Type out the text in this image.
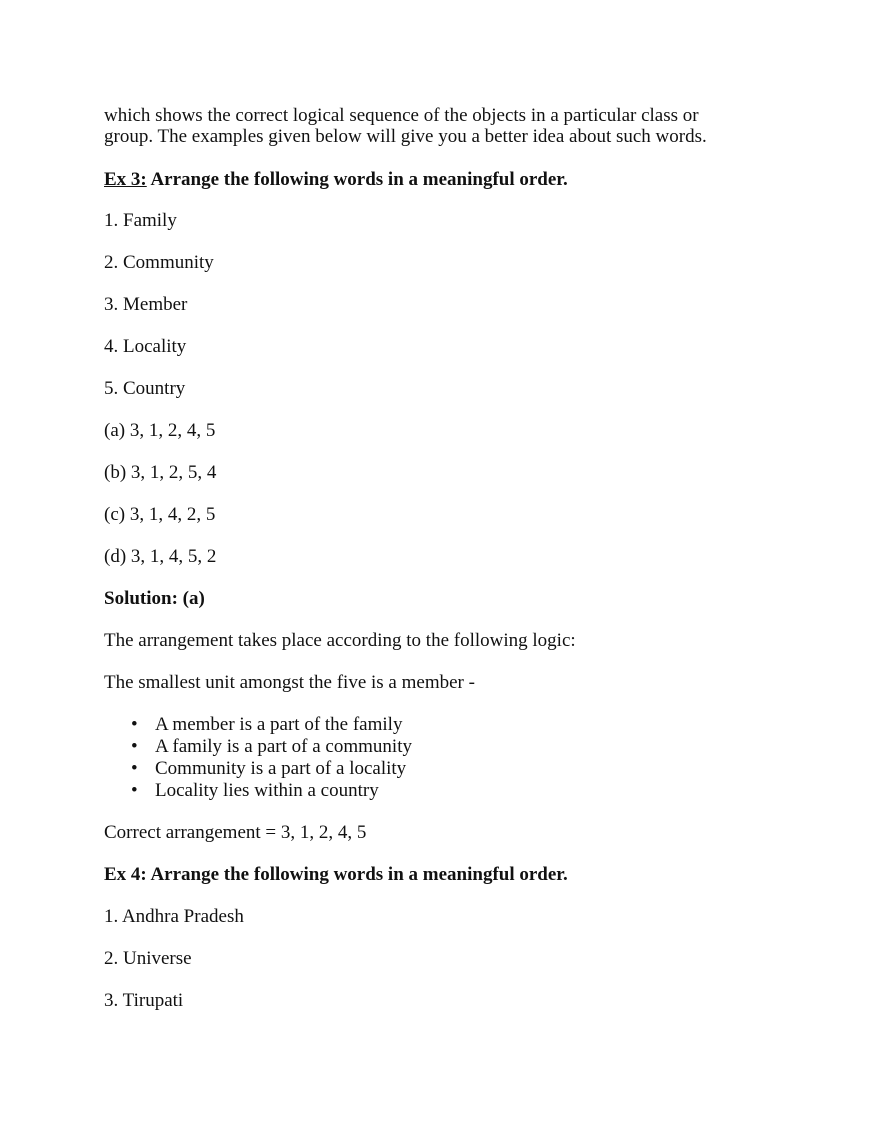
which shows the correct logical sequence of the objects in a particular class or
group. The examples given below will give you a better idea about such words.
Ex 3: Arrange the following words in a meaningful order.
1. Family
2. Community
3. Member
4. Locality
5. Country
(a) 3, 1, 2, 4, 5
(b) 3, 1, 2, 5, 4
(c) 3, 1, 4, 2, 5
(d) 3, 1, 4, 5, 2
Solution: (a)
The arrangement takes place according to the following logic:
The smallest unit amongst the five is a member -
• A member is a part of the family
• A family is a part of a community
• Community is a part of a locality
• Locality lies within a country
Correct arrangement = 3, 1, 2, 4, 5
Ex 4: Arrange the following words in a meaningful order.
1. Andhra Pradesh
2. Universe
3. Tirupati
